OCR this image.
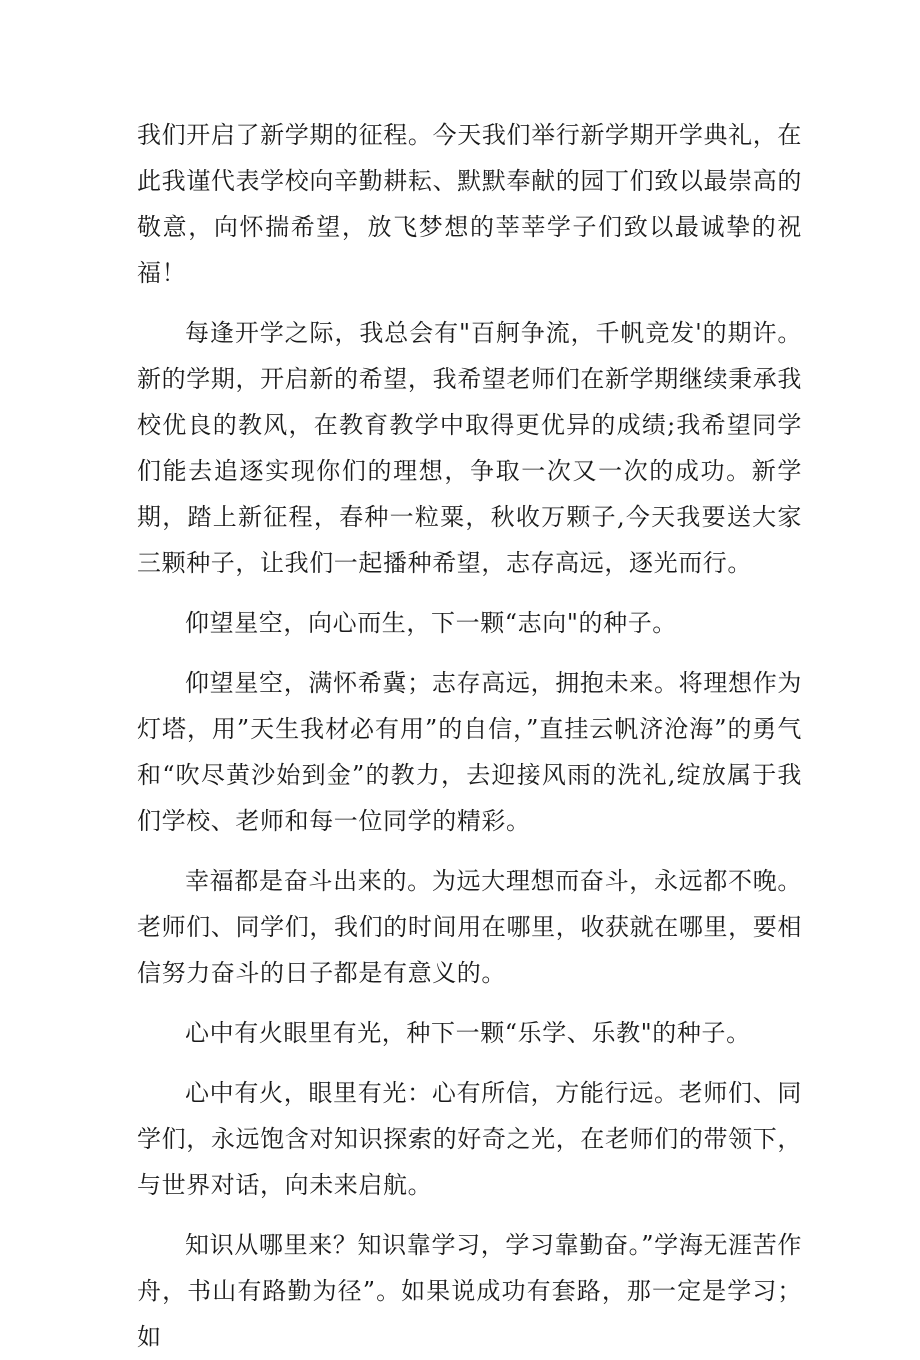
我们开启了新学期的征程。今天我们举行新学期开学典礼，在此我谨代表学校向辛勤耕耘、默默奉献的园丁们致以最崇高的敬意，向怀揣希望，放飞梦想的莘莘学子们致以最诚挚的祝福！

每逢开学之际，我总会有"百舸争流，千帆竞发'的期许。新的学期，开启新的希望，我希望老师们在新学期继续秉承我校优良的教风，在教育教学中取得更优异的成绩;我希望同学们能去追逐实现你们的理想，争取一次又一次的成功。新学期，踏上新征程，春种一粒粟，秋收万颗子,今天我要送大家三颗种子，让我们一起播种希望，志存高远，逐光而行。

仰望星空，向心而生，下一颗“志向"的种子。

仰望星空，满怀希冀；志存高远，拥抱未来。将理想作为灯塔，用”天生我材必有用”的自信，”直挂云帆济沧海”的勇气和“吹尽黄沙始到金”的教力，去迎接风雨的洗礼,绽放属于我们学校、老师和每一位同学的精彩。

幸福都是奋斗出来的。为远大理想而奋斗，永远都不晚。老师们、同学们，我们的时间用在哪里，收获就在哪里，要相信努力奋斗的日子都是有意义的。

心中有火眼里有光，种下一颗“乐学、乐教"的种子。

心中有火，眼里有光：心有所信，方能行远。老师们、同学们，永远饱含对知识探索的好奇之光，在老师们的带领下，与世界对话，向未来启航。

知识从哪里来？知识靠学习，学习靠勤奋。”学海无涯苦作舟，书山有路勤为径”。如果说成功有套路，那一定是学习；如
